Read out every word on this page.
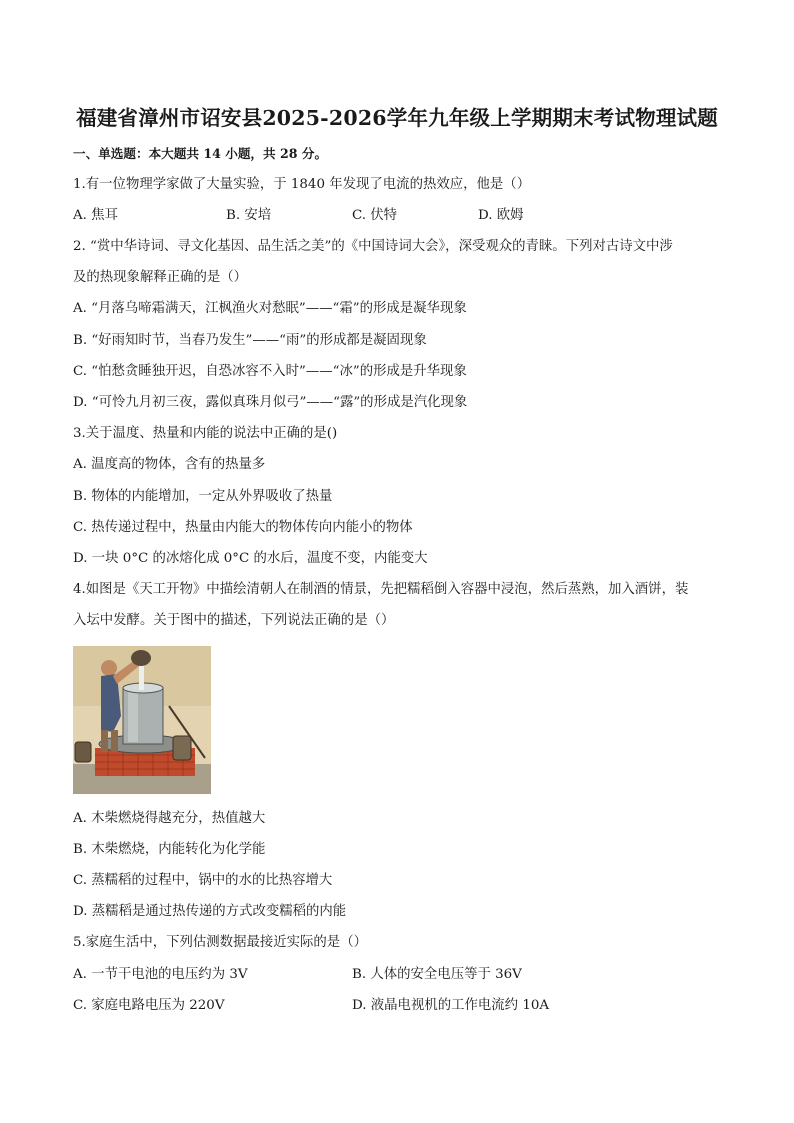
福建省漳州市诏安县2025-2026学年九年级上学期期末考试物理试题
一、单选题：本大题共 14 小题，共 28 分。
1.有一位物理学家做了大量实验，于 1840 年发现了电流的热效应，他是（）
A. 焦耳	B. 安培	C. 伏特	D. 欧姆
2. “赏中华诗词、寻文化基因、品生活之美”的《中国诗词大会》，深受观众的青睐。下列对古诗文中涉
及的热现象解释正确的是（）
A. “月落乌啼霜满天，江枫渔火对愁眠”——“霜”的形成是凝华现象
B. “好雨知时节，当春乃发生”——“雨”的形成都是凝固现象
C. “怕愁贪睡独开迟，自恐冰容不入时”——“冰”的形成是升华现象
D. “可怜九月初三夜，露似真珠月似弓”——“露”的形成是汽化现象
3.关于温度、热量和内能的说法中正确的是()
A. 温度高的物体，含有的热量多
B. 物体的内能增加，一定从外界吸收了热量
C. 热传递过程中，热量由内能大的物体传向内能小的物体
D. 一块 0°C 的冰熔化成 0°C 的水后，温度不变，内能变大
4.如图是《天工开物》中描绘清朝人在制酒的情景，先把糯稻倒入容器中浸泡，然后蒸熟，加入酒饼，装
入坛中发酵。关于图中的描述，下列说法正确的是（）
A. 木柴燃烧得越充分，热值越大
B. 木柴燃烧，内能转化为化学能
C. 蒸糯稻的过程中，锅中的水的比热容增大
D. 蒸糯稻是通过热传递的方式改变糯稻的内能
5.家庭生活中，下列估测数据最接近实际的是（）
A. 一节干电池的电压约为 3V	B. 人体的安全电压等于 36V
C. 家庭电路电压为 220V	D. 液晶电视机的工作电流约 10A
